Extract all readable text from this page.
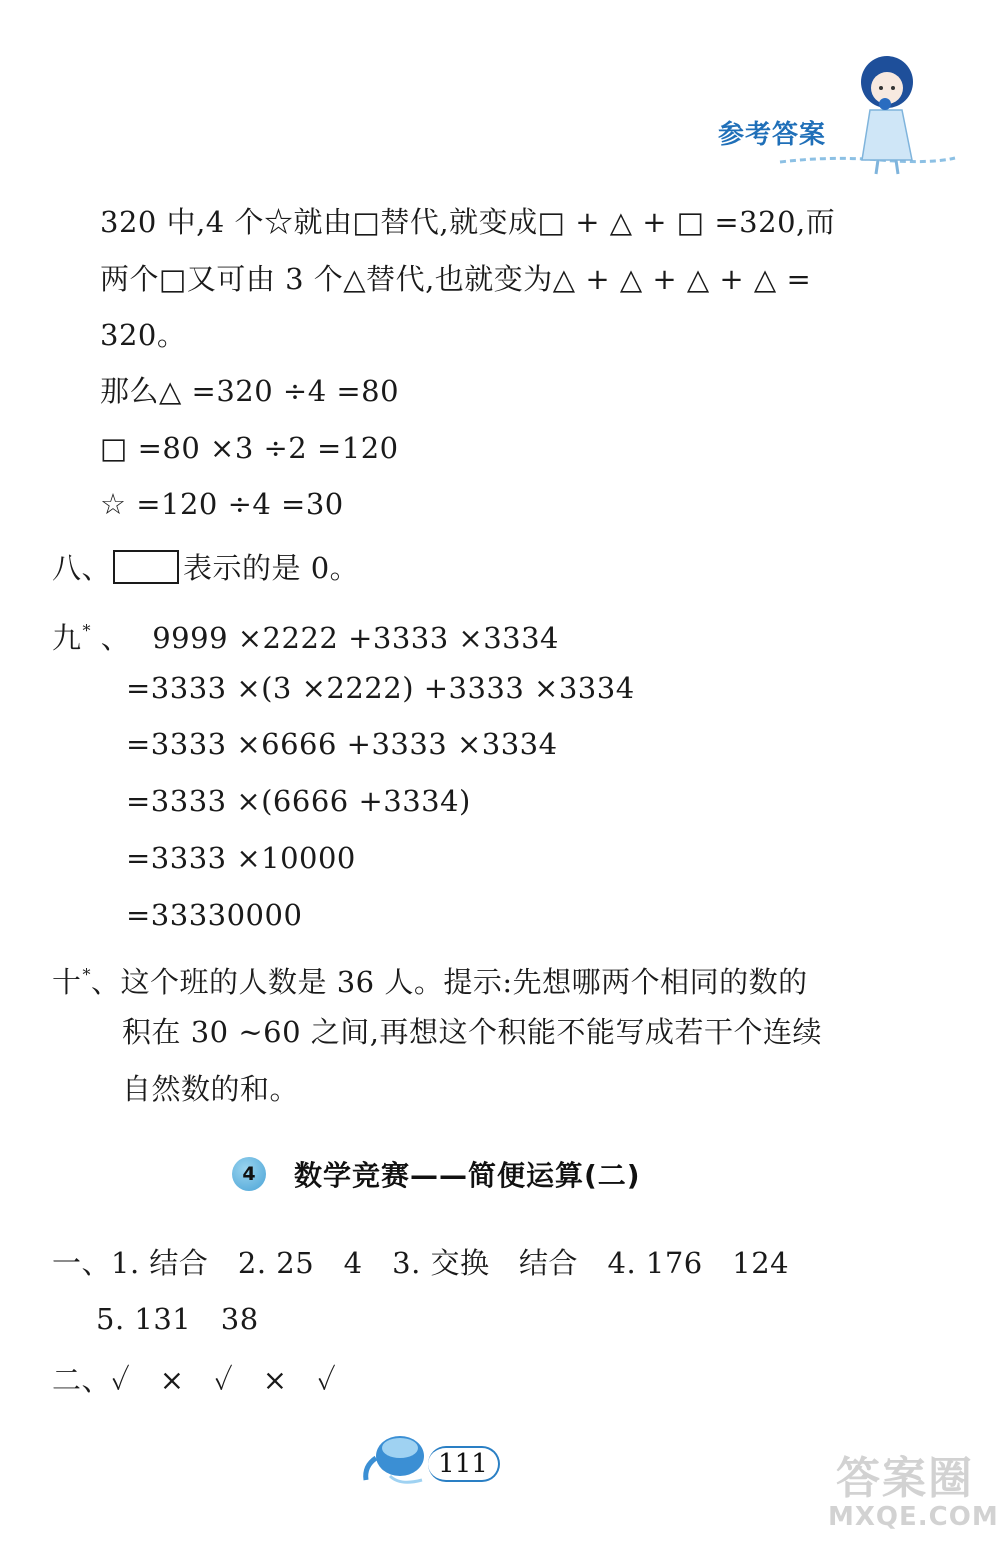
参考答案
320 中,4 个☆就由□替代,就变成□ + △ + □ =320,而
两个□又可由 3 个△替代,也就变为△ + △ + △ + △ =
320。
那么△ =320 ÷4 =80
□ =80 ×3 ÷2 =120
☆ =120 ÷4 =30
八、 表示的是 0。
九* 、 9999 ×2222 +3333 ×3334
=3333 ×(3 ×2222) +3333 ×3334
=3333 ×6666 +3333 ×3334
=3333 ×(6666 +3334)
=3333 ×10000
=33330000
十*、这个班的人数是 36 人。提示:先想哪两个相同的数的
积在 30 ~60 之间,再想这个积能不能写成若干个连续
自然数的和。
4	数学竞赛——简便运算(二)
一、1. 结合　2. 25　4　3. 交换　结合　4. 176　124
5. 131　38
二、✓　×　✓　×　✓
111	答案圈
MXQE.COM
